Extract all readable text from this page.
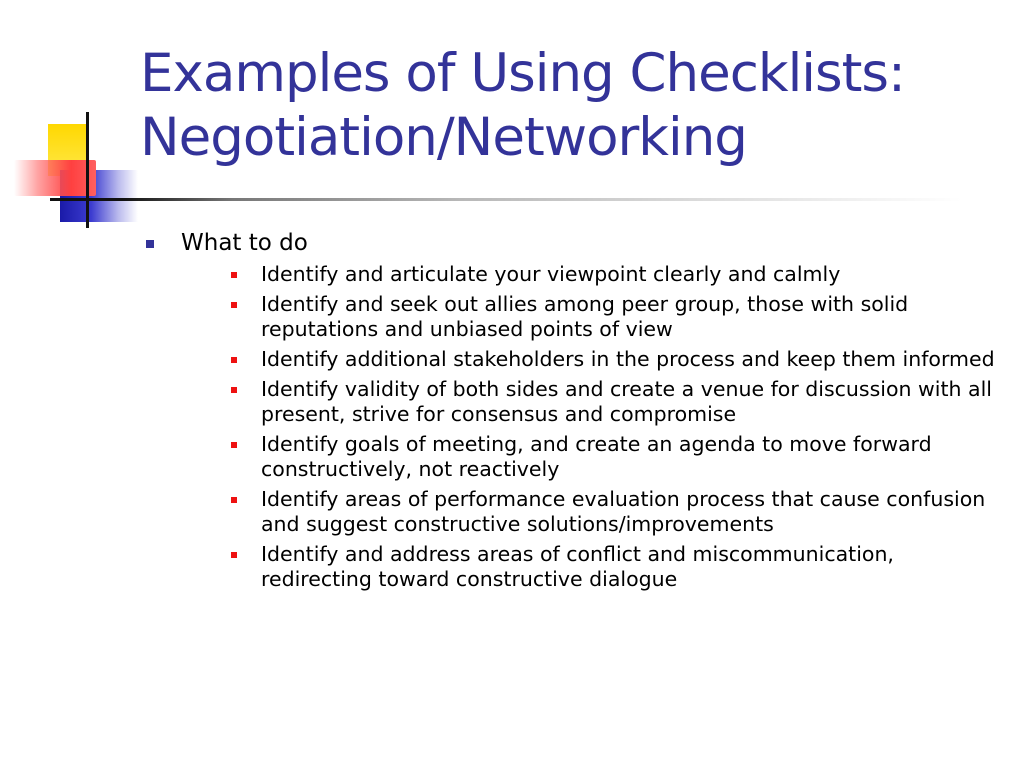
Examples of Using Checklists:
Negotiation/Networking
What to do
Identify and articulate your viewpoint clearly and calmly
Identify and seek out allies among peer group, those with solid reputations and unbiased points of view
Identify additional stakeholders in the process and keep them informed
Identify validity of both sides and create a venue for discussion with all present, strive for consensus and compromise
Identify goals of meeting, and create an agenda to move forward constructively, not reactively
Identify areas of performance evaluation process that cause confusion and suggest constructive solutions/improvements
Identify and address areas of conflict and miscommunication, redirecting toward constructive dialogue
